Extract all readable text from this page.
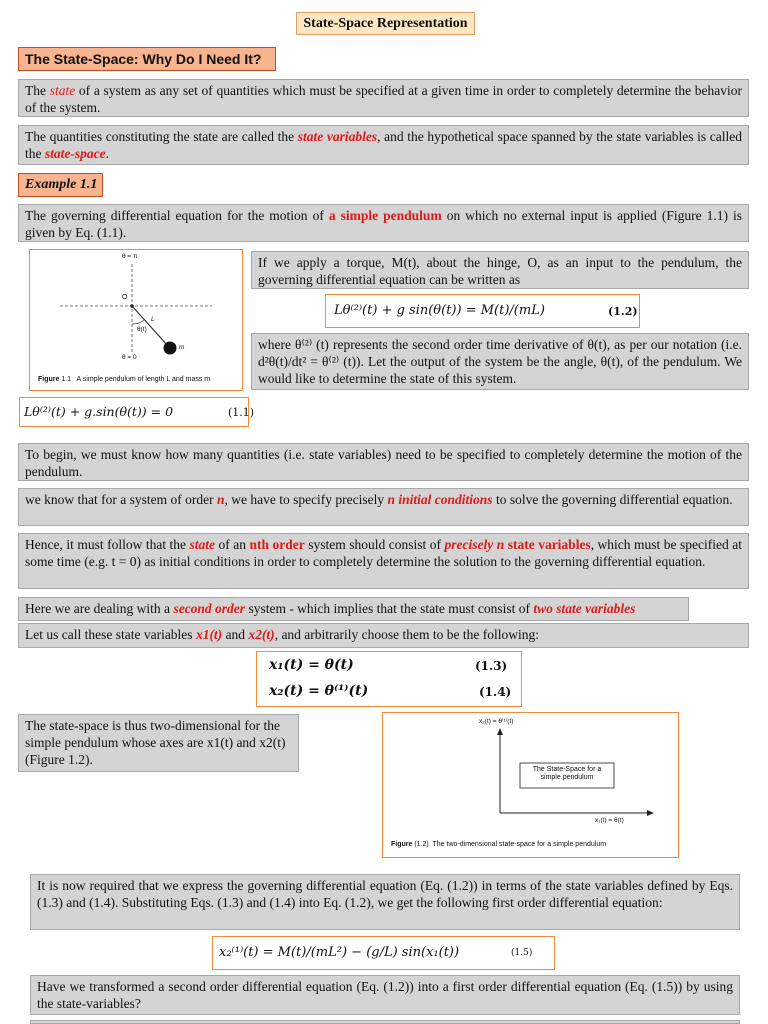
State-Space Representation
The State-Space: Why Do I Need It?
The state of a system as any set of quantities which must be specified at a given time in order to completely determine the behavior of the system.
The quantities constituting the state are called the state variables, and the hypothetical space spanned by the state variables is called the state-space.
Example 1.1
The governing differential equation for the motion of a simple pendulum on which no external input is applied (Figure 1.1) is given by Eq. (1.1).
θ = π
O
L
θ(t)
m
θ = 0
Figure 1.1 A simple pendulum of length L and mass m
If we apply a torque, M(t), about the hinge, O, as an input to the pendulum, the governing differential equation can be written as
Lθ⁽²⁾(t) + g sin(θ(t)) = M(t)/(mL)	(1.2)
where θ⁽²⁾ (t) represents the second order time derivative of θ(t), as per our notation (i.e. d²θ(t)/dt² = θ⁽²⁾ (t)). Let the output of the system be the angle, θ(t), of the pendulum. We would like to determine the state of this system.
Lθ⁽²⁾(t) + g.sin(θ(t)) = 0	(1.1)
To begin, we must know how many quantities (i.e. state variables) need to be specified to completely determine the motion of the pendulum.
we know that for a system of order n, we have to specify precisely n initial conditions to solve the governing differential equation.
Hence, it must follow that the state of an nth order system should consist of precisely n state variables, which must be specified at some time (e.g. t = 0) as initial conditions in order to completely determine the solution to the governing differential equation.
Here we are dealing with a second order system - which implies that the state must consist of two state variables
Let us call these state variables x1(t) and x2(t), and arbitrarily choose them to be the following:
x₁(t) = θ(t)	(1.3)
x₂(t) = θ⁽¹⁾(t)	(1.4)
The state-space is thus two-dimensional for the simple pendulum whose axes are x1(t) and x2(t) (Figure 1.2).
x₂(t) = θ⁽¹⁾(t)
x₁(t) = θ(t)
The State-Space for a simple pendulum
Figure (1.2) The two-dimensional state-space for a simple pendulum
It is now required that we express the governing differential equation (Eq. (1.2)) in terms of the state variables defined by Eqs. (1.3) and (1.4). Substituting Eqs. (1.3) and (1.4) into Eq. (1.2), we get the following first order differential equation:
x₂⁽¹⁾(t) = M(t)/(mL²) − (g/L) sin(x₁(t))	(1.5)
Have we transformed a second order differential equation (Eq. (1.2)) into a first order differential equation (Eq. (1.5)) by using the state-variables?
